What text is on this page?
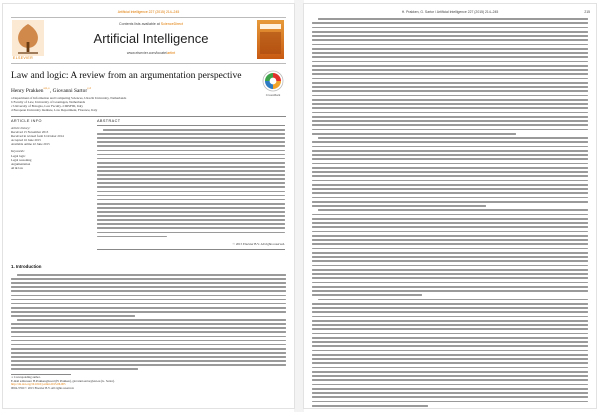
Artificial Intelligence 227 (2015) 214–245
ELSEVIER
Contents lists available at ScienceDirect
Artificial Intelligence
www.elsevier.com/locate/artint
Law and logic: A review from an argumentation perspective
CrossMark
Henry Prakken$^{a,b,∗}$, Giovanni Sartor$^{c,d}$
a Department of Information and Computing Sciences, Utrecht University, Netherlands
b Faculty of Law, University of Groningen, Netherlands
c University of Bologna, Law Faculty–CIRSFID, Italy
d European University Institute, Law Department, Florence, Italy
ARTICLE INFO	ABSTRACT
Article history:
Received 15 November 2013
Received in revised form 6 October 2014
Accepted 16 June 2015
Available online 22 June 2015
Keywords:
Legal logic
Legal reasoning
Argumentation
AI & law
© 2015 Elsevier B.V. All rights reserved.
1. Introduction
∗ Corresponding author.
E-mail addresses: H.Prakken@uu.nl (H. Prakken), giovanni.sartor@eui.eu (G. Sartor).
http://dx.doi.org/10.1016/j.artint.2015.06.005
0004-3702/© 2015 Elsevier B.V. All rights reserved.
H. Prakken, G. Sartor / Artificial Intelligence 227 (2015) 214–245	215
